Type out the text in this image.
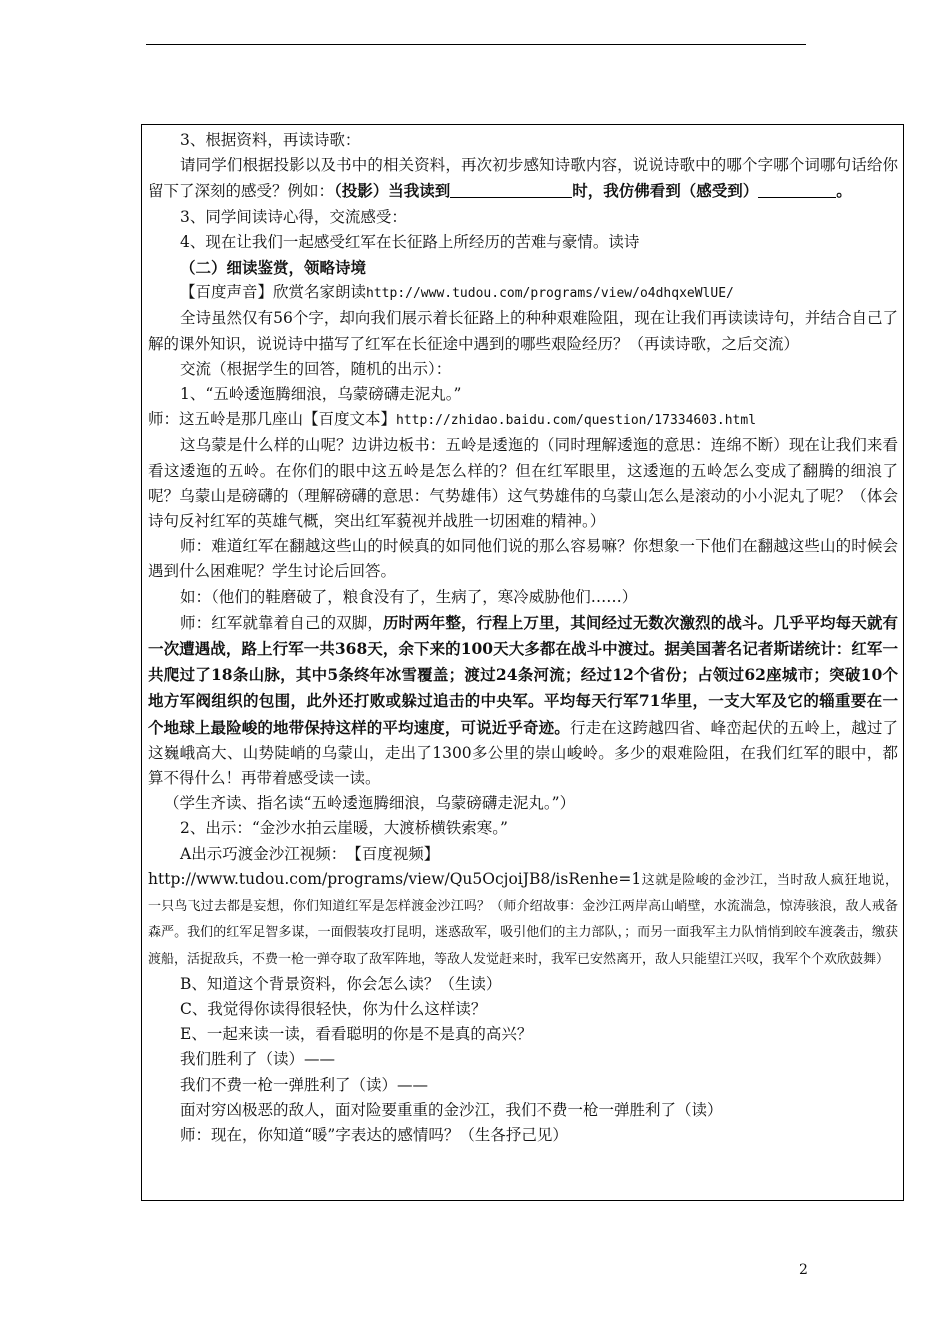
3、根据资料，再读诗歌：

请同学们根据投影以及书中的相关资料，再次初步感知诗歌内容，说说诗歌中的哪个字哪个词哪句话给你留下了深刻的感受？例如：（投影）当我读到	时，我仿佛看到（感受到）	。

3、同学间读诗心得，交流感受：

4、现在让我们一起感受红军在长征路上所经历的苦难与豪情。读诗

（二）细读鉴赏，领略诗境

【百度声音】欣赏名家朗读http://www.tudou.com/programs/view/o4dhqxeWlUE/

全诗虽然仅有56个字，却向我们展示着长征路上的种种艰难险阻，现在让我们再读读诗句，并结合自己了解的课外知识，说说诗中描写了红军在长征途中遇到的哪些艰险经历？（再读诗歌，之后交流）

交流（根据学生的回答，随机的出示）：

1、“五岭逶迤腾细浪，乌蒙磅礴走泥丸。”

师：这五岭是那几座山【百度文本】http://zhidao.baidu.com/question/17334603.html

这乌蒙是什么样的山呢？边讲边板书：五岭是逶迤的（同时理解逶迤的意思：连绵不断）现在让我们来看看这逶迤的五岭。在你们的眼中这五岭是怎么样的？但在红军眼里，这逶迤的五岭怎么变成了翻腾的细浪了呢？乌蒙山是磅礴的（理解磅礴的意思：气势雄伟）这气势雄伟的乌蒙山怎么是滚动的小小泥丸了呢？（体会诗句反衬红军的英雄气概，突出红军藐视并战胜一切困难的精神。）

师：难道红军在翻越这些山的时候真的如同他们说的那么容易嘛？你想象一下他们在翻越这些山的时候会遇到什么困难呢？学生讨论后回答。

如：（他们的鞋磨破了，粮食没有了，生病了，寒冷威胁他们……）

师：红军就靠着自己的双脚，历时两年整，行程上万里，其间经过无数次激烈的战斗。几乎平均每天就有一次遭遇战，路上行军一共368天，余下来的100天大多都在战斗中渡过。据美国著名记者斯诺统计：红军一共爬过了18条山脉，其中5条终年冰雪覆盖；渡过24条河流；经过12个省份；占领过62座城市；突破10个地方军阀组织的包围，此外还打败或躲过追击的中央军。平均每天行军71华里，一支大军及它的辎重要在一个地球上最险峻的地带保持这样的平均速度，可说近乎奇迹。行走在这跨越四省、峰峦起伏的五岭上，越过了这巍峨高大、山势陡峭的乌蒙山，走出了1300多公里的崇山峻岭。多少的艰难险阻，在我们红军的眼中，都算不得什么！再带着感受读一读。

（学生齐读、指名读“五岭逶迤腾细浪，乌蒙磅礴走泥丸。”）

2、出示：“金沙水拍云崖暖，大渡桥横铁索寒。”

A出示巧渡金沙江视频：　【百度视频】

http://www.tudou.com/programs/view/Qu5OcjoiJB8/isRenhe=1这就是险峻的金沙江，当时敌人疯狂地说，一只鸟飞过去都是妄想，你们知道红军是怎样渡金沙江吗？（师介绍故事：金沙江两岸高山峭壁，水流湍急，惊涛骇浪，敌人戒备森严。我们的红军足智多谋，一面假装攻打昆明，迷惑敌军，吸引他们的主力部队，；而另一面我军主力队悄悄到皎车渡袭击，缴获渡船，活捉敌兵，不费一枪一弹夺取了敌军阵地，等敌人发觉赶来时，我军已安然离开，敌人只能望江兴叹，我军个个欢欣鼓舞）

B、知道这个背景资料，你会怎么读？（生读）

C、我觉得你读得很轻快，你为什么这样读？

E、一起来读一读，看看聪明的你是不是真的高兴？

我们胜利了（读）——

我们不费一枪一弹胜利了（读）——

面对穷凶极恶的敌人，面对险要重重的金沙江，我们不费一枪一弹胜利了（读）

师：现在，你知道“暖”字表达的感情吗？（生各抒己见）

2
